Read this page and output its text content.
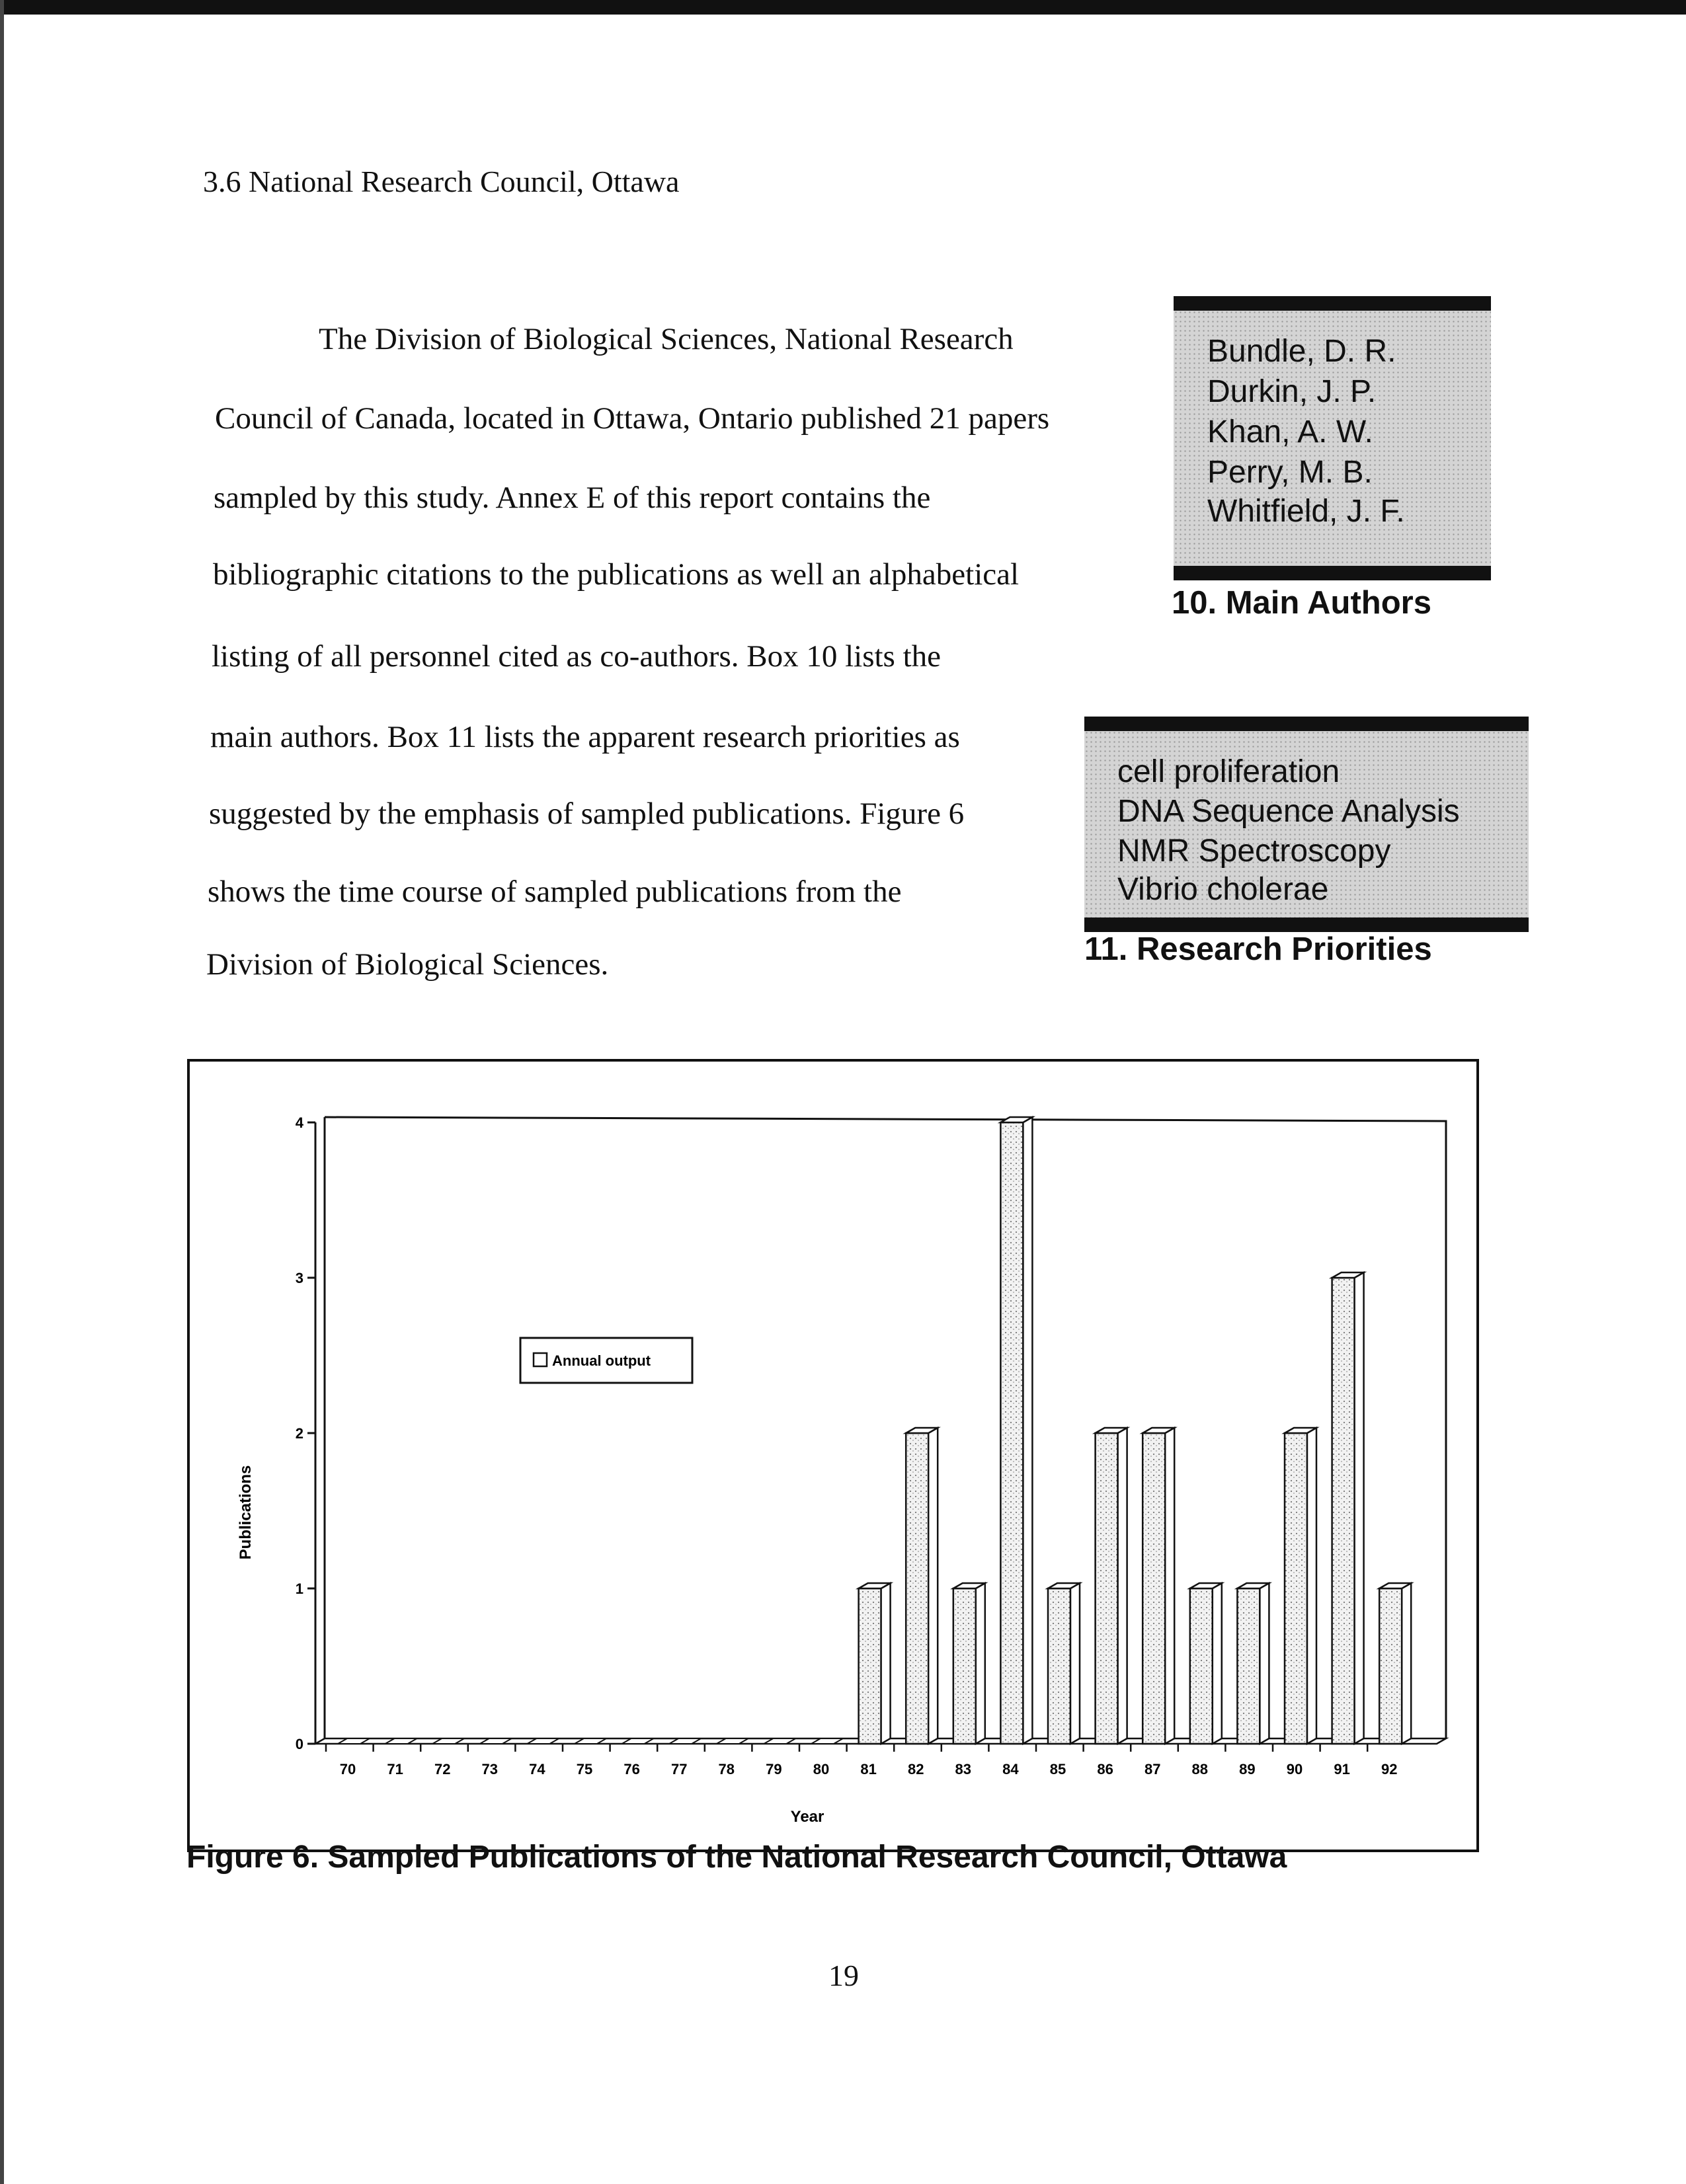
3.6 National Research Council, Ottawa
The Division of Biological Sciences, National Research
Council of Canada, located in Ottawa, Ontario published 21 papers
sampled by this study. Annex E of this report contains the
bibliographic citations to the publications as well an alphabetical
listing of all personnel cited as co-authors. Box 10 lists the
main authors. Box 11 lists the apparent research priorities as
suggested by the emphasis of sampled publications. Figure 6
shows the time course of sampled publications from the
Division of Biological Sciences.
Bundle, D. R.
Durkin, J. P.
Khan, A. W.
Perry, M. B.
Whitfield, J. F.
10. Main Authors
cell proliferation
DNA Sequence Analysis
NMR Spectroscopy
Vibrio cholerae
11. Research Priorities
0
1
2
3
4
70 71 72 73 74 75 76 77 78 79 80 81 82 83 84 85 86 87 88 89 90 91 92
Publications
Year
Annual output
Figure 6. Sampled Publications of the National Research Council, Ottawa
19
